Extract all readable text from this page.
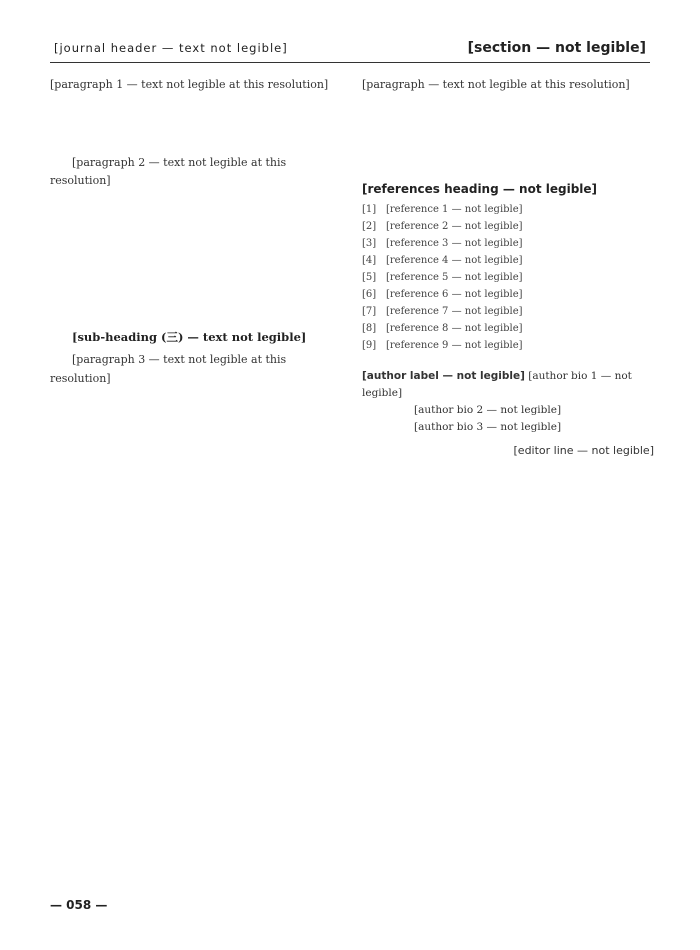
[journal header — text not legible]	[section — not legible]

[paragraph 1 — text not legible at this resolution]

[paragraph 2 — text not legible at this resolution]

[sub-heading (三) — text not legible]

[paragraph 3 — text not legible at this resolution]

[paragraph — text not legible at this resolution]

[references heading — not legible]
[1] [reference 1 — not legible]
[2] [reference 2 — not legible]
[3] [reference 3 — not legible]
[4] [reference 4 — not legible]
[5] [reference 5 — not legible]
[6] [reference 6 — not legible]
[7] [reference 7 — not legible]
[8] [reference 8 — not legible]
[9] [reference 9 — not legible]
[author label — not legible] [author bio 1 — not legible]
[author bio 2 — not legible]
[author bio 3 — not legible]
[editor line — not legible]
— 058 —
